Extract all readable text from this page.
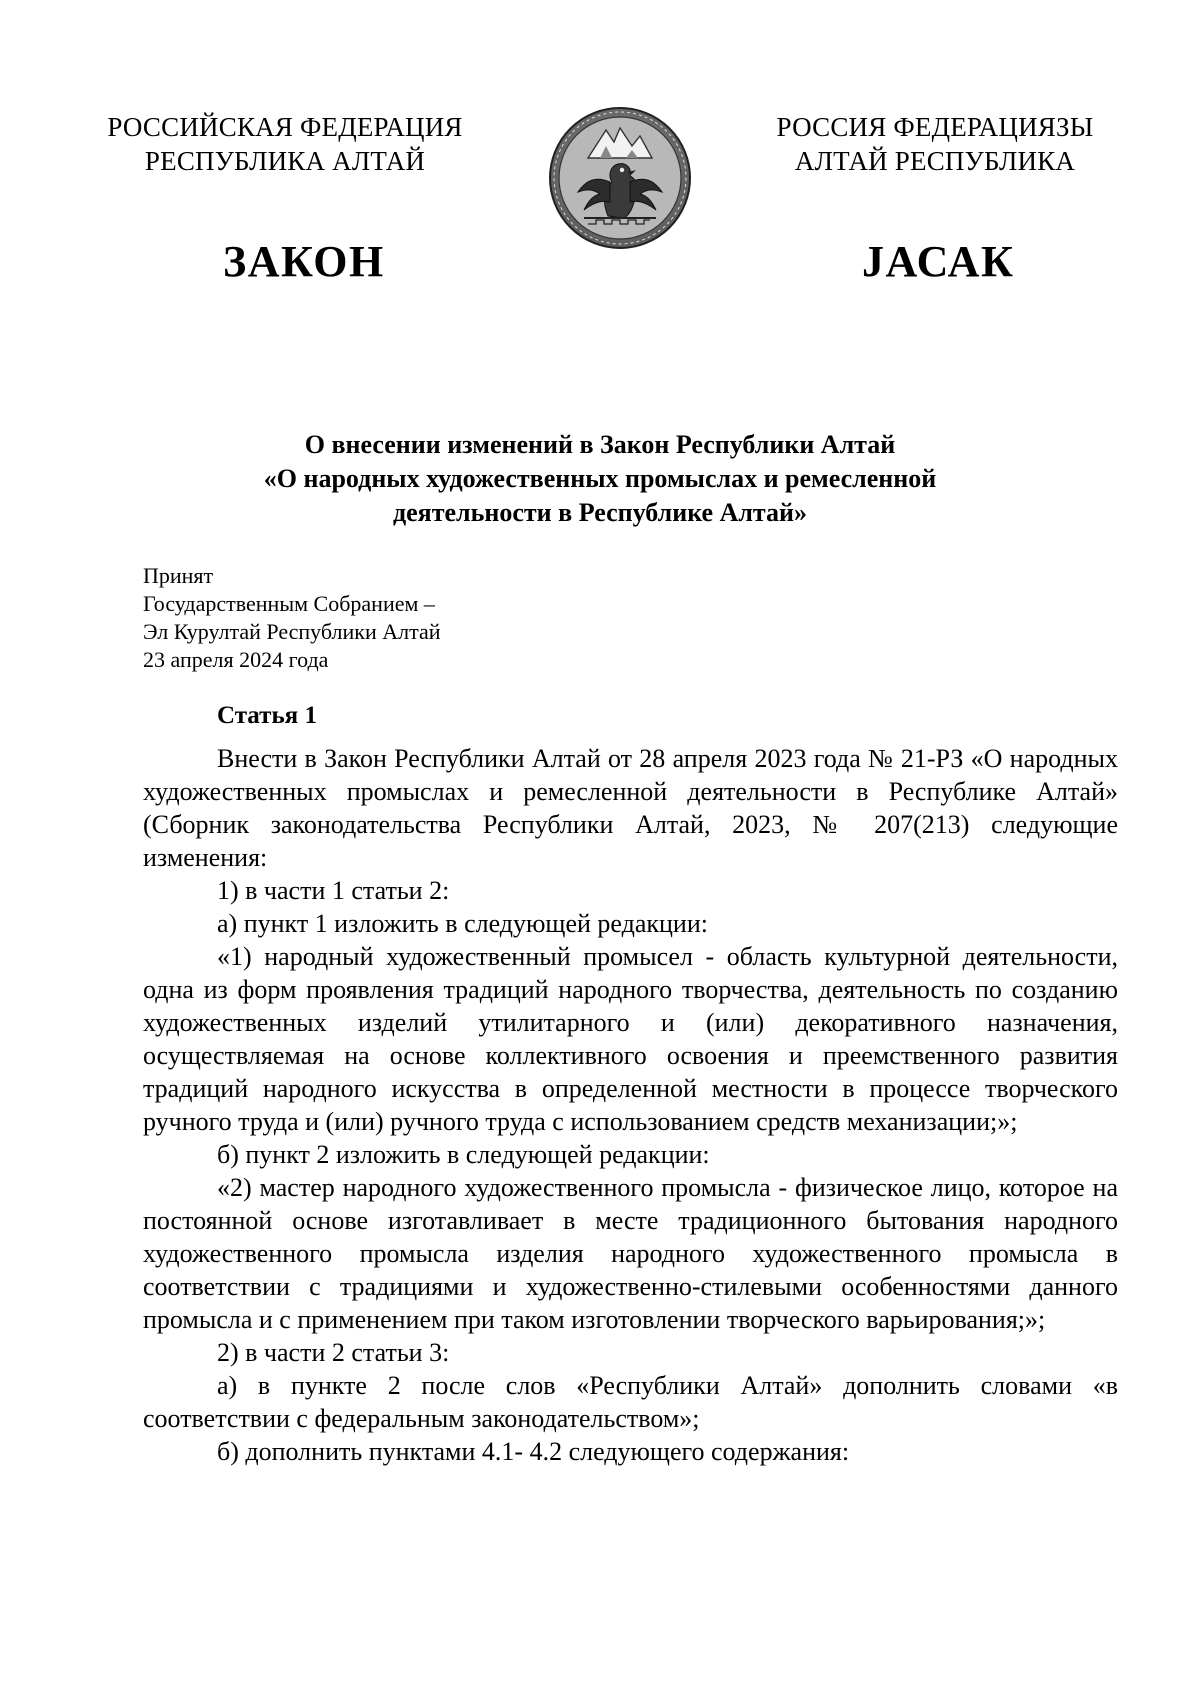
РОССИЙСКАЯ ФЕДЕРАЦИЯ
РЕСПУБЛИКА АЛТАЙ
РОССИЯ ФЕДЕРАЦИЯЗЫ
АЛТАЙ РЕСПУБЛИКА
ЗАКОН	JАСАК
О внесении изменений в Закон Республики Алтай
«О народных художественных промыслах и ремесленной
деятельности в Республике Алтай»
Принят
Государственным Собранием –
Эл Курултай Республики Алтай
23 апреля 2024 года
Статья 1

Внести в Закон Республики Алтай от 28 апреля 2023 года № 21-РЗ «О народных художественных промыслах и ремесленной деятельности в Республике Алтай» (Сборник законодательства Республики Алтай, 2023, № 207(213) следующие изменения:

1) в части 1 статьи 2:

а) пункт 1 изложить в следующей редакции:

«1) народный художественный промысел - область культурной деятельности, одна из форм проявления традиций народного творчества, деятельность по созданию художественных изделий утилитарного и (или) декоративного назначения, осуществляемая на основе коллективного освоения и преемственного развития традиций народного искусства в определенной местности в процессе творческого ручного труда и (или) ручного труда с использованием средств механизации;»;

б) пункт 2 изложить в следующей редакции:

«2) мастер народного художественного промысла - физическое лицо, которое на постоянной основе изготавливает в месте традиционного бытования народного художественного промысла изделия народного художественного промысла в соответствии с традициями и художественно-стилевыми особенностями данного промысла и с применением при таком изготовлении творческого варьирования;»;

2) в части 2 статьи 3:

а) в пункте 2 после слов «Республики Алтай» дополнить словами «в соответствии с федеральным законодательством»;

б) дополнить пунктами 4.1- 4.2 следующего содержания:
